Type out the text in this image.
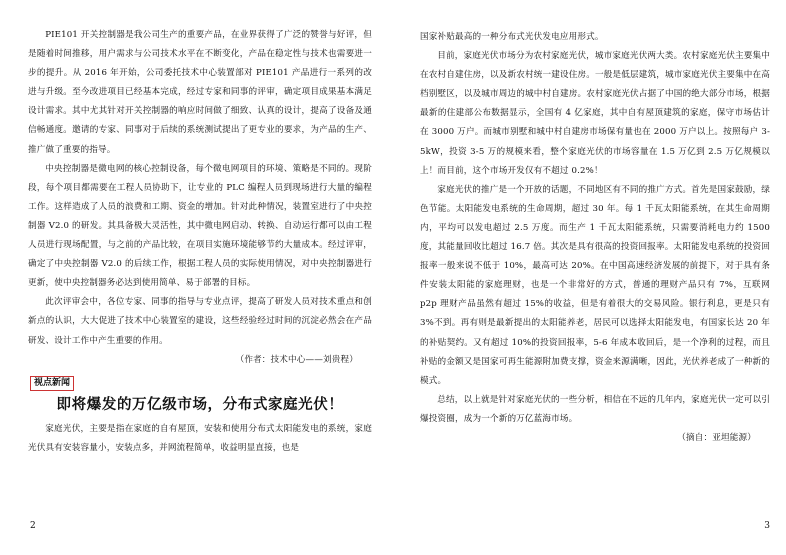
PIE101 开关控制器是我公司生产的重要产品，在业界获得了广泛的赞誉与好评，但是随着时间推移，用户需求与公司技术水平在不断变化，产品在稳定性与技术也需要进一步的提升。从 2016 年开始，公司委托技术中心装置部对 PIE101 产品进行一系列的改进与升级。至今改进项目已经基本完成，经过专家和同事的评审，确定项目成果基本满足设计需求。其中尤其针对开关控制器的响应时间做了细致、认真的设计，提高了设备及通信畅通度。邀请的专家、同事对于后续的系统测试提出了更专业的要求，为产品的生产、推广做了重要的指导。

中央控制器是微电网的核心控制设备，每个微电网项目的环境、策略是不同的。现阶段，每个项目都需要在工程人员协助下，让专业的 PLC 编程人员到现场进行大量的编程工作。这样造成了人员的浪费和工期、资金的增加。针对此种情况，装置室进行了中央控制器 V2.0 的研发。其具备极大灵活性，其中微电网启动、转换、自动运行都可以由工程人员进行现场配置，与之前的产品比较，在项目实施环境能够节约大量成本。经过评审，确定了中央控制器 V2.0 的后续工作，根据工程人员的实际使用情况，对中央控制器进行更新，使中央控制器务必达到使用简单、易于部署的目标。

此次评审会中，各位专家、同事的指导与专业点评，提高了研发人员对技术重点和创新点的认识，大大促进了技术中心装置室的建设，这些经验经过时间的沉淀必然会在产品研发、设计工作中产生重要的作用。

（作者：技术中心——刘贵程）

视点新闻
即将爆发的万亿级市场，分布式家庭光伏！

家庭光伏，主要是指在家庭的自有屋顶，安装和使用分布式太阳能发电的系统，家庭光伏具有安装容量小，安装点多，并网流程简单，收益明显直接，也是

2

国家补贴最高的一种分布式光伏发电应用形式。

目前，家庭光伏市场分为农村家庭光伏，城市家庭光伏两大类。农村家庭光伏主要集中在农村自建住房，以及新农村统一建设住房。一般是低层建筑，城市家庭光伏主要集中在高档别墅区，以及城市周边的城中村自建房。农村家庭光伏占据了中国的绝大部分市场，根据最新的住建部公布数据显示，全国有 4 亿家庭，其中自有屋顶建筑的家庭，保守市场估计在 3000 万户。而城市别墅和城中村自建房市场保有量也在 2000 万户以上。按照每户 3-5kW，投资 3-5 万的规模来看，整个家庭光伏的市场容量在 1.5 万亿到 2.5 万亿规模以上！而目前，这个市场开发仅有不超过 0.2%！

家庭光伏的推广是一个开放的话题，不同地区有不同的推广方式。首先是国家鼓励，绿色节能。太阳能发电系统的生命周期，超过 30 年。每 1 千瓦太阳能系统，在其生命周期内，平均可以发电超过 2.5 万度。而生产 1 千瓦太阳能系统，只需要消耗电力约 1500 度，其能量回收比超过 16.7 倍。其次是具有很高的投资回报率。太阳能发电系统的投资回报率一般来说不低于 10%，最高可达 20%。在中国高速经济发展的前提下，对于具有条件安装太阳能的家庭理财，也是一个非常好的方式，普通的理财产品只有 7%，互联网 p2p 理财产品虽然有超过 15%的收益，但是有着很大的交易风险。银行利息，更是只有 3%不到。再有则是最新提出的太阳能养老，居民可以选择太阳能发电，有国家长达 20 年的补贴契约。又有超过 10%的投资回报率，5-6 年成本收回后，是一个净利的过程，而且补贴的金额又是国家可再生能源附加费支撑，资金来源满晰，因此，光伏养老成了一种新的模式。

总结，以上就是针对家庭光伏的一些分析，相信在不远的几年内，家庭光伏一定可以引爆投资圈，成为一个新的万亿蓝海市场。

（摘自：亚坦能源）

3
